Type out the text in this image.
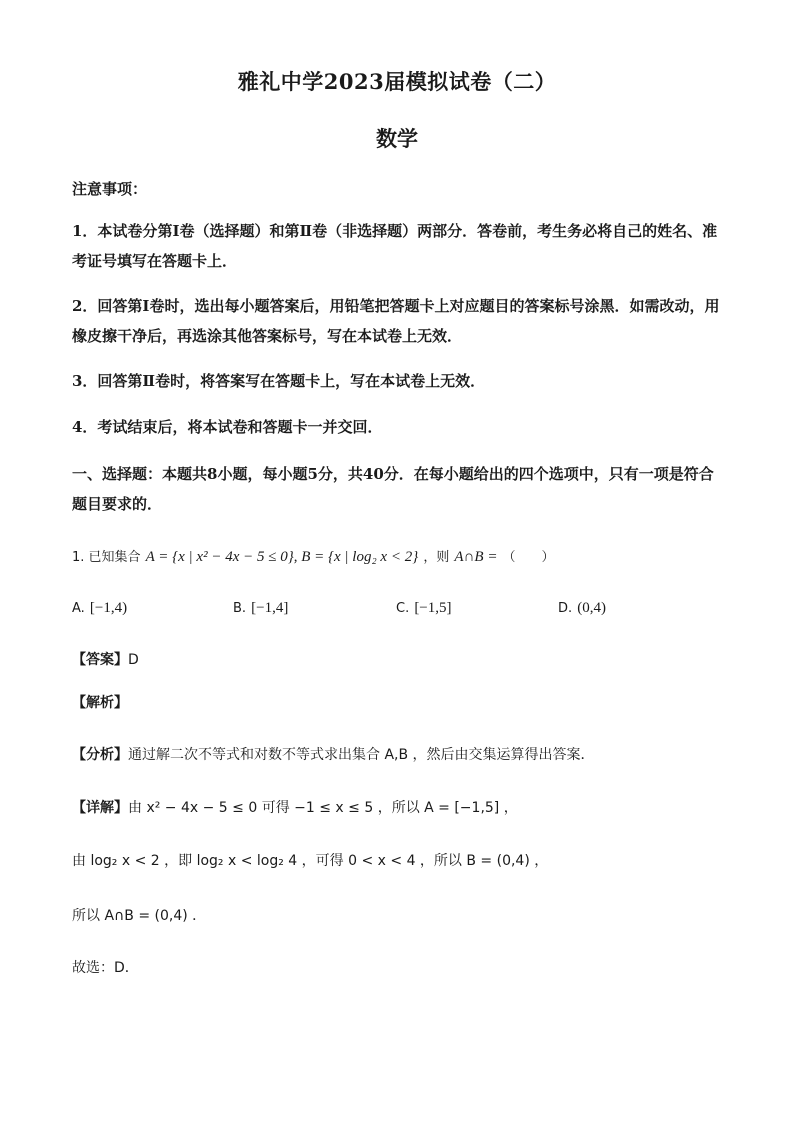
雅礼中学2023届模拟试卷（二）
数学
注意事项：
1．本试卷分第Ⅰ卷（选择题）和第Ⅱ卷（非选择题）两部分．答卷前，考生务必将自己的姓名、准考证号填写在答题卡上．
2．回答第Ⅰ卷时，选出每小题答案后，用铅笔把答题卡上对应题目的答案标号涂黑．如需改动，用橡皮擦干净后，再选涂其他答案标号，写在本试卷上无效．
3．回答第Ⅱ卷时，将答案写在答题卡上，写在本试卷上无效．
4．考试结束后，将本试卷和答题卡一并交回．
一、选择题：本题共8小题，每小题5分，共40分．在每小题给出的四个选项中，只有一项是符合题目要求的．
1. 已知集合 A = {x | x² − 4x − 5 ≤ 0}, B = {x | log₂ x < 2} ，则 A∩B = （　　）
A. [−1,4)	B. [−1,4]	C. [−1,5]	D. (0,4)
【答案】D
【解析】
【分析】通过解二次不等式和对数不等式求出集合 A,B ，然后由交集运算得出答案．
【详解】由 x² − 4x − 5 ≤ 0 可得 −1 ≤ x ≤ 5 ，所以 A = [−1,5] ，
由 log₂ x < 2 ，即 log₂ x < log₂ 4 ，可得 0 < x < 4 ，所以 B = (0,4) ，
所以 A∩B = (0,4) ．
故选：D．
